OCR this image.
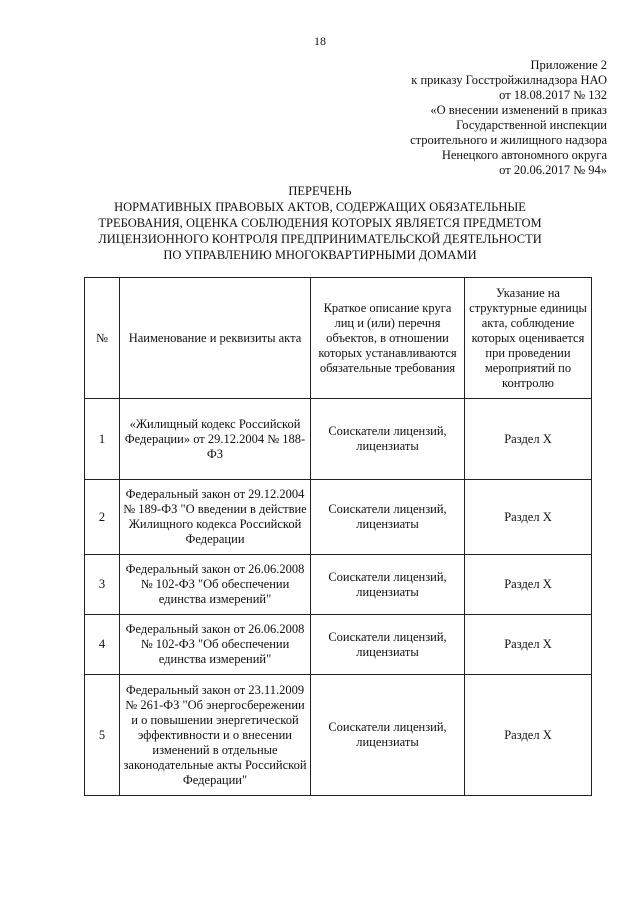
18
Приложение 2
к приказу Госстройжилнадзора НАО
от 18.08.2017 № 132
«О внесении изменений в приказ
Государственной инспекции
строительного и жилищного надзора
Ненецкого автономного округа
от 20.06.2017 № 94»
ПЕРЕЧЕНЬ
НОРМАТИВНЫХ ПРАВОВЫХ АКТОВ, СОДЕРЖАЩИХ ОБЯЗАТЕЛЬНЫЕ
ТРЕБОВАНИЯ, ОЦЕНКА СОБЛЮДЕНИЯ КОТОРЫХ ЯВЛЯЕТСЯ ПРЕДМЕТОМ
ЛИЦЕНЗИОННОГО КОНТРОЛЯ ПРЕДПРИНИМАТЕЛЬСКОЙ ДЕЯТЕЛЬНОСТИ
ПО УПРАВЛЕНИЮ МНОГОКВАРТИРНЫМИ ДОМАМИ
№	Наименование и реквизиты акта	Краткое описание круга лиц и (или) перечня объектов, в отношении которых устанавливаются обязательные требования	Указание на структурные единицы акта, соблюдение которых оценивается при проведении мероприятий по контролю
1	«Жилищный кодекс Российской Федерации» от 29.12.2004 № 188-ФЗ	Соискатели лицензий, лицензиаты	Раздел X
2	Федеральный закон от 29.12.2004 № 189-ФЗ "О введении в действие Жилищного кодекса Российской Федерации	Соискатели лицензий, лицензиаты	Раздел X
3	Федеральный закон от 26.06.2008 № 102-ФЗ "Об обеспечении единства измерений"	Соискатели лицензий, лицензиаты	Раздел X
4	Федеральный закон от 26.06.2008 № 102-ФЗ "Об обеспечении единства измерений"	Соискатели лицензий, лицензиаты	Раздел X
5	Федеральный закон от 23.11.2009 № 261-ФЗ "Об энергосбережении и о повышении энергетической эффективности и о внесении изменений в отдельные законодательные акты Российской Федерации"	Соискатели лицензий, лицензиаты	Раздел X
